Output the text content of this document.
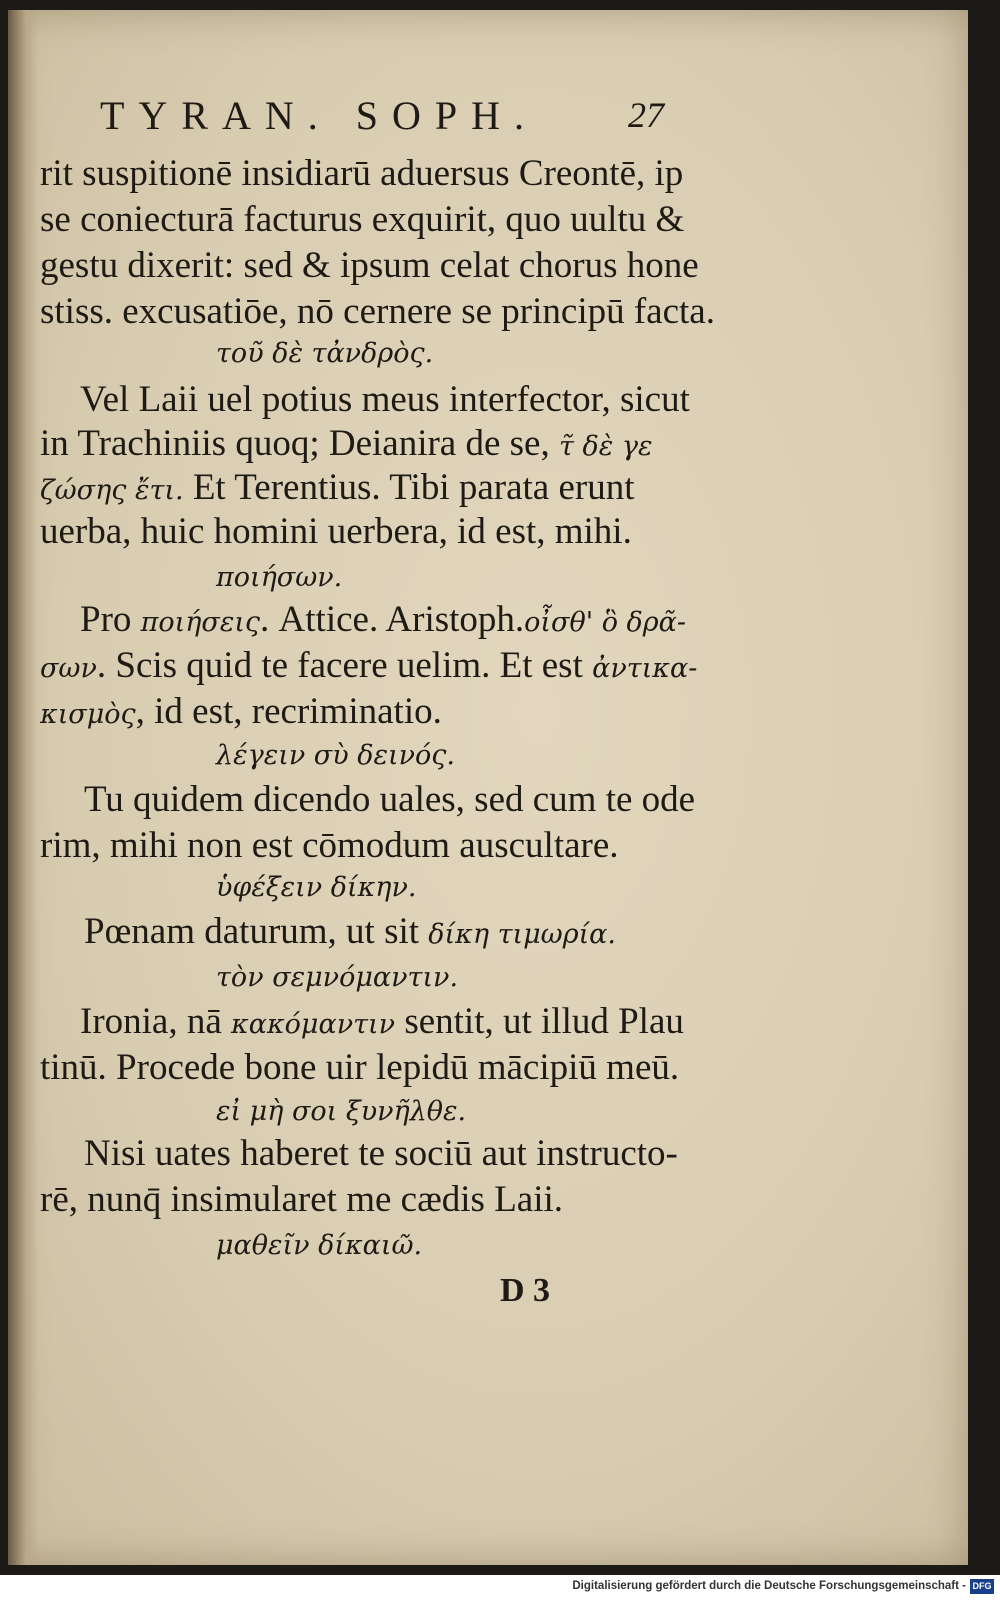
TYRAN. SOPH.	27
rit suspitionē insidiarū aduersus Creontē, ip
se coniecturā facturus exquirit, quo uultu &
gestu dixerit: sed & ipsum celat chorus hone
stiss. excusatiōe, nō cernere se principū facta.
τοῦ δὲ τἀνδρὸς.
Vel Laii uel potius meus interfector, sicut
in Trachiniis quoq; Deianira de se, τ̃ δὲ γε
ζώσης ἔτι. Et Terentius. Tibi parata erunt
uerba, huic homini uerbera, id est, mihi.
ποιήσων.
Pro ποιήσεις. Attice. Aristoph.οἶσθ' ὃ δρᾶ-
σων. Scis quid te facere uelim. Et est ἀντικα-
κισμὸς, id est, recriminatio.
λέγειν σὺ δεινός.
Tu quidem dicendo uales, sed cum te ode
rim, mihi non est cōmodum auscultare.
ὑφέξειν δίκην.
Pœnam daturum, ut sit δίκη τιμωρία.
τὸν σεμνόμαντιν.
Ironia, nā κακόμαντιν sentit, ut illud Plau
tinū. Procede bone uir lepidū mācipiū meū.
εἰ μὴ σοι ξυνῆλθε.
Nisi uates haberet te sociū aut instructo-
rē, nunq̄ insimularet me cædis Laii.
μαθεῖν δίκαιῶ.
D 3
Digitalisierung gefördert durch die Deutsche Forschungsgemeinschaft - DFG
